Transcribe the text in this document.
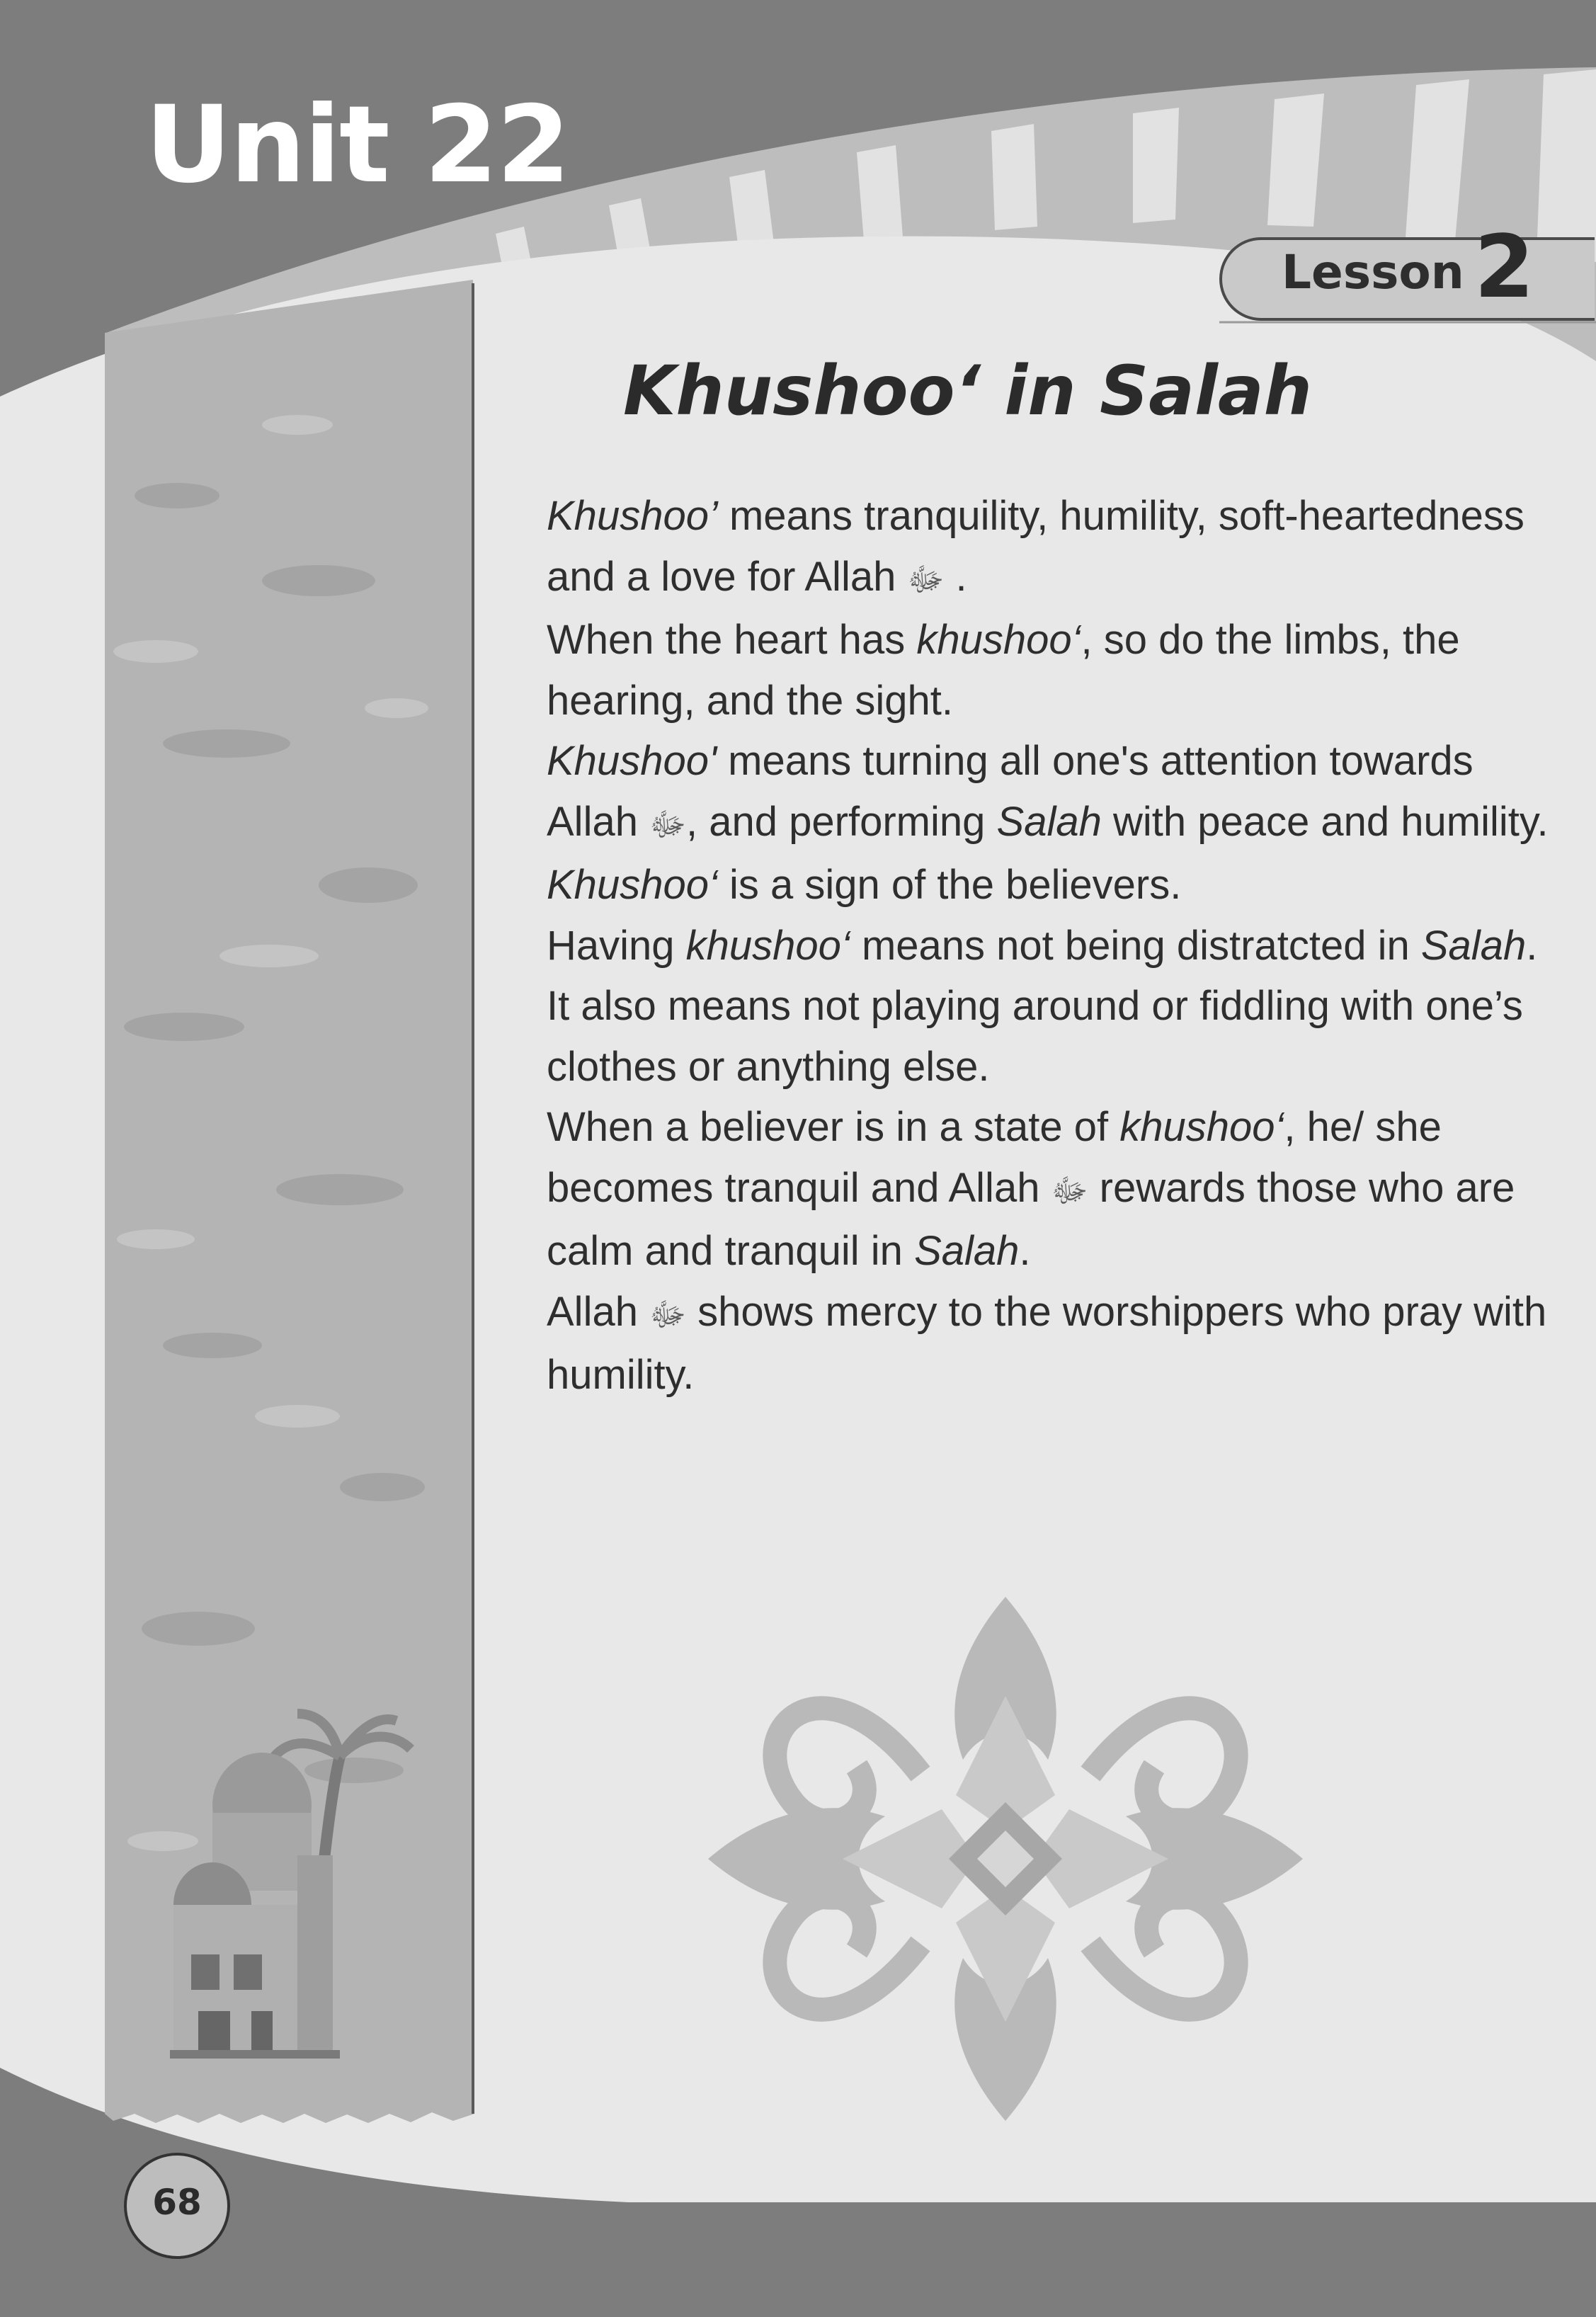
Unit 22
Lesson 2
Khushoo‘ in Salah

Khushoo’ means tranquility, humility, soft-heartedness and a love for Allah ﷻ .

When the heart has khushoo‘, so do the limbs, the hearing, and the sight.

Khushoo' means turning all one's attention towards Allah ﷻ, and performing Salah with peace and humility.

Khushoo‘ is a sign of the believers.

Having khushoo‘ means not being distratcted in Salah. It also means not playing around or fiddling with one’s clothes or anything else.

When a believer is in a state of khushoo‘, he/ she becomes tranquil and Allah ﷻ rewards those who are calm and tranquil in Salah.

Allah ﷻ shows mercy to the worshippers who pray with humility.

68
